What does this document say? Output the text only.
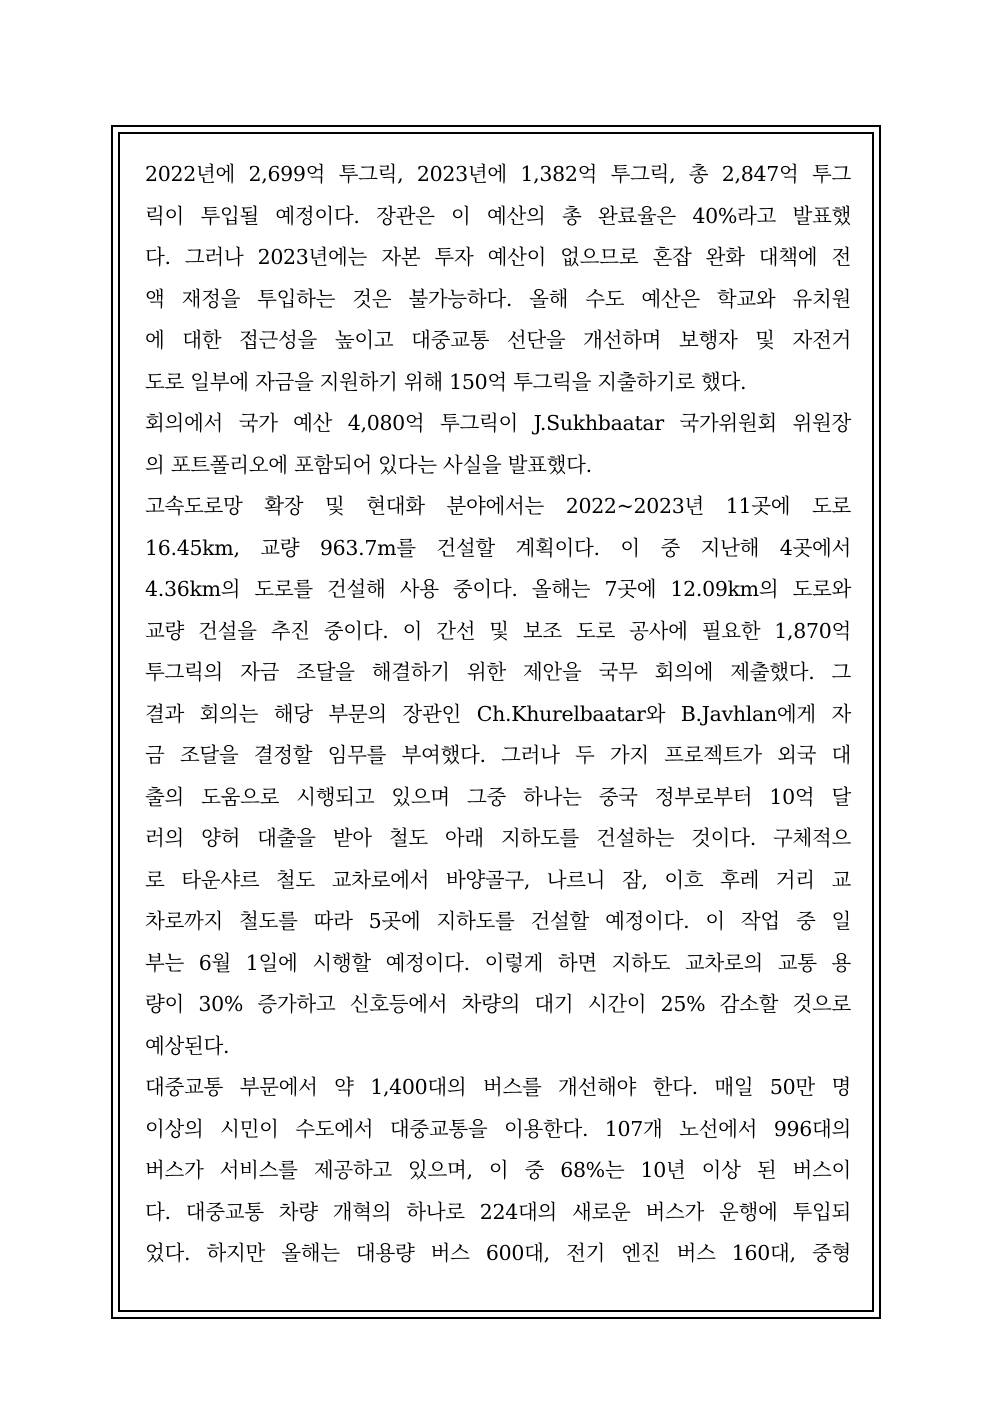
2022년에 2,699억 투그릭, 2023년에 1,382억 투그릭, 총 2,847억 투그
릭이 투입될 예정이다. 장관은 이 예산의 총 완료율은 40%라고 발표했
다. 그러나 2023년에는 자본 투자 예산이 없으므로 혼잡 완화 대책에 전
액 재정을 투입하는 것은 불가능하다. 올해 수도 예산은 학교와 유치원
에 대한 접근성을 높이고 대중교통 선단을 개선하며 보행자 및 자전거
도로 일부에 자금을 지원하기 위해 150억 투그릭을 지출하기로 했다.
회의에서 국가 예산 4,080억 투그릭이 J.Sukhbaatar 국가위원회 위원장
의 포트폴리오에 포함되어 있다는 사실을 발표했다.
고속도로망 확장 및 현대화 분야에서는 2022~2023년 11곳에 도로
16.45km, 교량 963.7m를 건설할 계획이다. 이 중 지난해 4곳에서
4.36km의 도로를 건설해 사용 중이다. 올해는 7곳에 12.09km의 도로와
교량 건설을 추진 중이다. 이 간선 및 보조 도로 공사에 필요한 1,870억
투그릭의 자금 조달을 해결하기 위한 제안을 국무 회의에 제출했다. 그
결과 회의는 해당 부문의 장관인 Ch.Khurelbaatar와 B.Javhlan에게 자
금 조달을 결정할 임무를 부여했다. 그러나 두 가지 프로젝트가 외국 대
출의 도움으로 시행되고 있으며 그중 하나는 중국 정부로부터 10억 달
러의 양허 대출을 받아 철도 아래 지하도를 건설하는 것이다. 구체적으
로 타운샤르 철도 교차로에서 바양골구, 나르니 잠, 이흐 후레 거리 교
차로까지 철도를 따라 5곳에 지하도를 건설할 예정이다. 이 작업 중 일
부는 6월 1일에 시행할 예정이다. 이렇게 하면 지하도 교차로의 교통 용
량이 30% 증가하고 신호등에서 차량의 대기 시간이 25% 감소할 것으로
예상된다.
대중교통 부문에서 약 1,400대의 버스를 개선해야 한다. 매일 50만 명
이상의 시민이 수도에서 대중교통을 이용한다. 107개 노선에서 996대의
버스가 서비스를 제공하고 있으며, 이 중 68%는 10년 이상 된 버스이
다. 대중교통 차량 개혁의 하나로 224대의 새로운 버스가 운행에 투입되
었다. 하지만 올해는 대용량 버스 600대, 전기 엔진 버스 160대, 중형
